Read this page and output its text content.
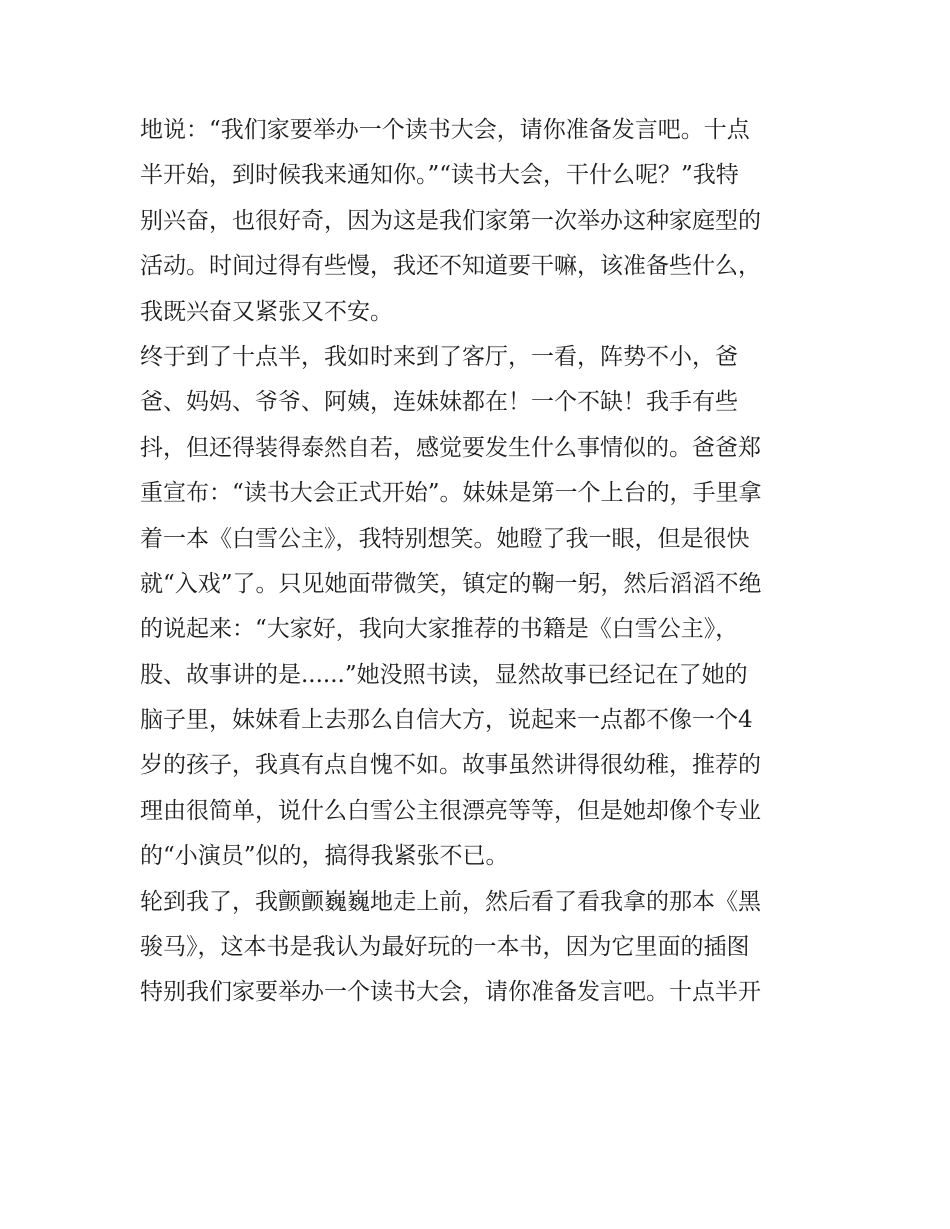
地说：“我们家要举办一个读书大会，请你准备发言吧。十点
半开始，到时候我来通知你。”“读书大会，干什么呢？”我特
别兴奋，也很好奇，因为这是我们家第一次举办这种家庭型的
活动。时间过得有些慢，我还不知道要干嘛，该准备些什么，
我既兴奋又紧张又不安。
终于到了十点半，我如时来到了客厅，一看，阵势不小，爸
爸、妈妈、爷爷、阿姨，连妹妹都在！一个不缺！我手有些
抖，但还得装得泰然自若，感觉要发生什么事情似的。爸爸郑
重宣布：“读书大会正式开始”。妹妹是第一个上台的，手里拿
着一本《白雪公主》，我特别想笑。她瞪了我一眼，但是很快
就“入戏”了。只见她面带微笑，镇定的鞠一躬，然后滔滔不绝
的说起来：“大家好，我向大家推荐的书籍是《白雪公主》，
股、故事讲的是......”她没照书读，显然故事已经记在了她的
脑子里，妹妹看上去那么自信大方，说起来一点都不像一个4
岁的孩子，我真有点自愧不如。故事虽然讲得很幼稚，推荐的
理由很简单，说什么白雪公主很漂亮等等，但是她却像个专业
的“小演员”似的，搞得我紧张不已。
轮到我了，我颤颤巍巍地走上前，然后看了看我拿的那本《黑
骏马》，这本书是我认为最好玩的一本书，因为它里面的插图
特别我们家要举办一个读书大会，请你准备发言吧。十点半开
